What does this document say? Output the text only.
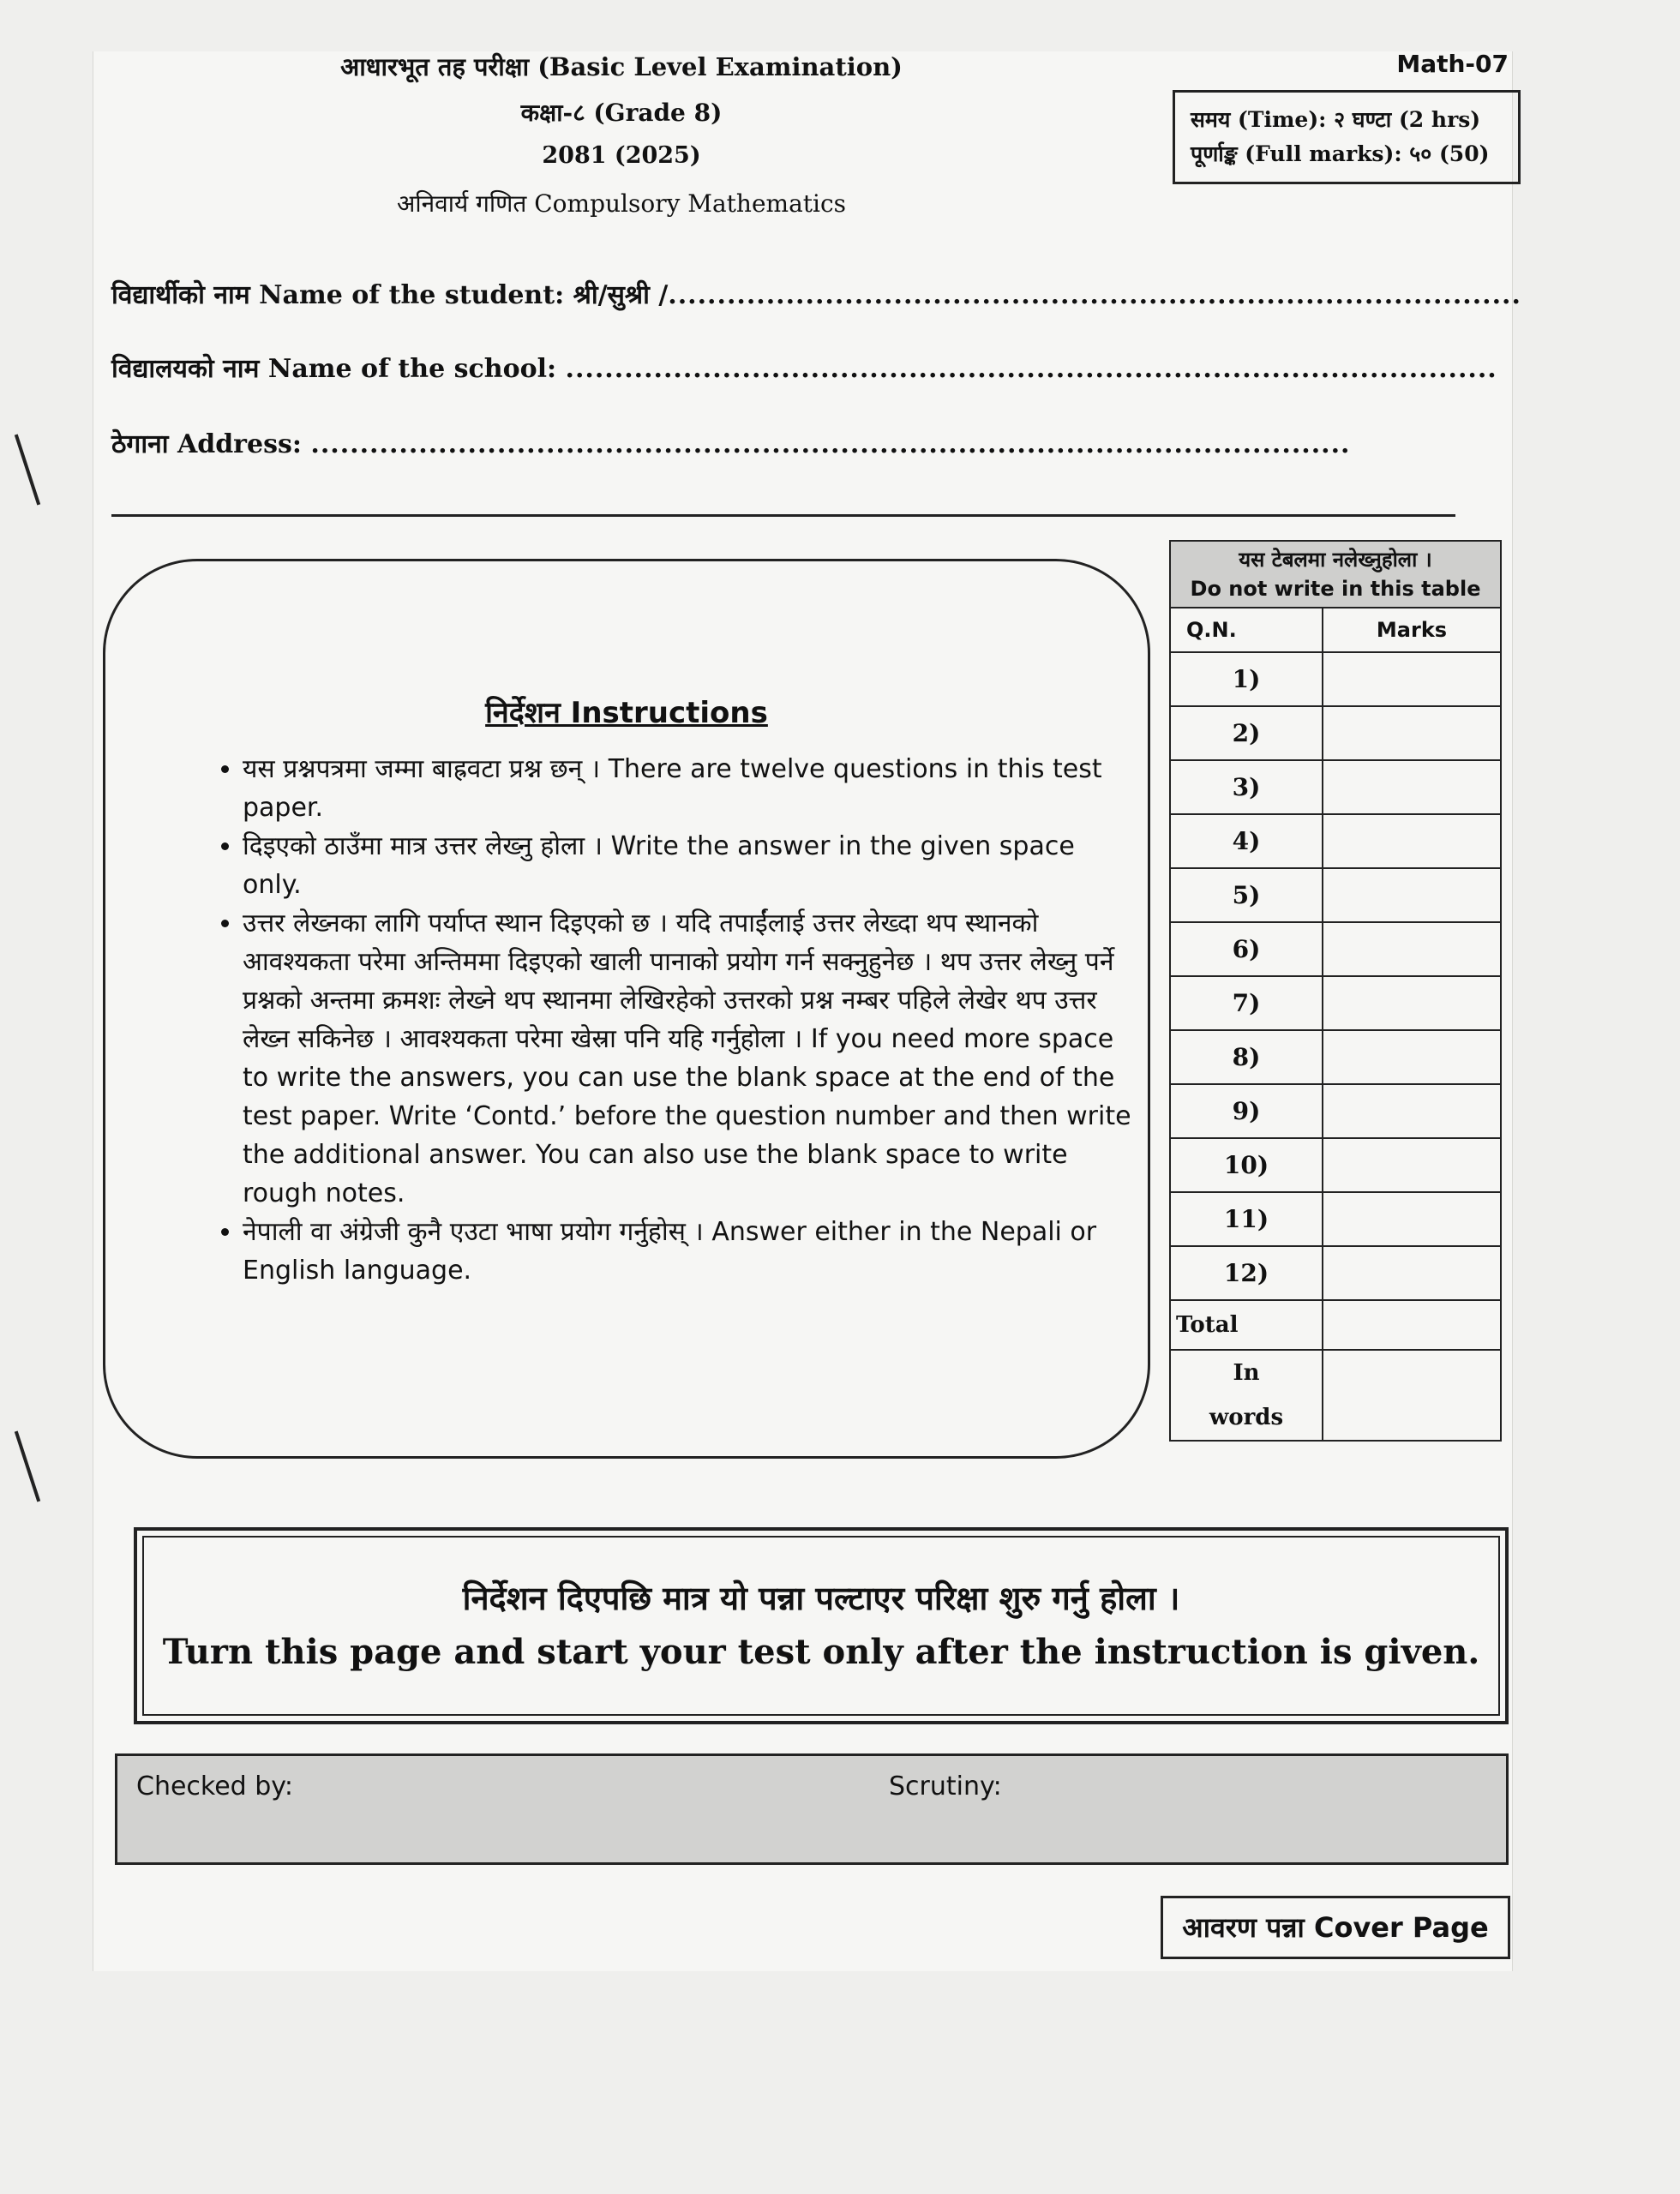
आधारभूत तह परीक्षा (Basic Level Examination)
कक्षा-८ (Grade 8)
2081 (2025)
अनिवार्य गणित Compulsory Mathematics
Math-07
समय (Time): २ घण्टा (2 hrs)
पूर्णाङ्क (Full marks): ५० (50)
विद्यार्थीको नाम Name of the student: श्री/सुश्री /.......................................................................................
विद्यालयको नाम Name of the school: ...............................................................................................
ठेगाना Address: ..........................................................................................................
निर्देशन Instructions
• यस प्रश्नपत्रमा जम्मा बाह्रवटा प्रश्न छन् । There are twelve questions in this test paper.
• दिइएको ठाउँमा मात्र उत्तर लेख्नु होला । Write the answer in the given space only.
• उत्तर लेख्नका लागि पर्याप्त स्थान दिइएको छ । यदि तपाईंलाई उत्तर लेख्दा थप स्थानको आवश्यकता परेमा अन्तिममा दिइएको खाली पानाको प्रयोग गर्न सक्नुहुनेछ । थप उत्तर लेख्नु पर्ने प्रश्नको अन्तमा क्रमशः लेख्ने थप स्थानमा लेखिरहेको उत्तरको प्रश्न नम्बर पहिले लेखेर थप उत्तर लेख्न सकिनेछ । आवश्यकता परेमा खेस्रा पनि यहि गर्नुहोला । If you need more space to write the answers, you can use the blank space at the end of the test paper. Write ‘Contd.’ before the question number and then write the additional answer. You can also use the blank space to write rough notes.
• नेपाली वा अंग्रेजी कुनै एउटा भाषा प्रयोग गर्नुहोस् । Answer either in the Nepali or English language.
यस टेबलमा नलेख्नुहोला ।
Do not write in this table	

Q.N.	Marks
1)	
2)	
3)	
4)	
5)	
6)	
7)	
8)	
9)	
10)	
11)	
12)	
Total	

In
words	

निर्देशन दिएपछि मात्र यो पन्ना पल्टाएर परिक्षा शुरु गर्नु होला ।
Turn this page and start your test only after the instruction is given.
Checked by:	Scrutiny:
आवरण पन्ना Cover Page
